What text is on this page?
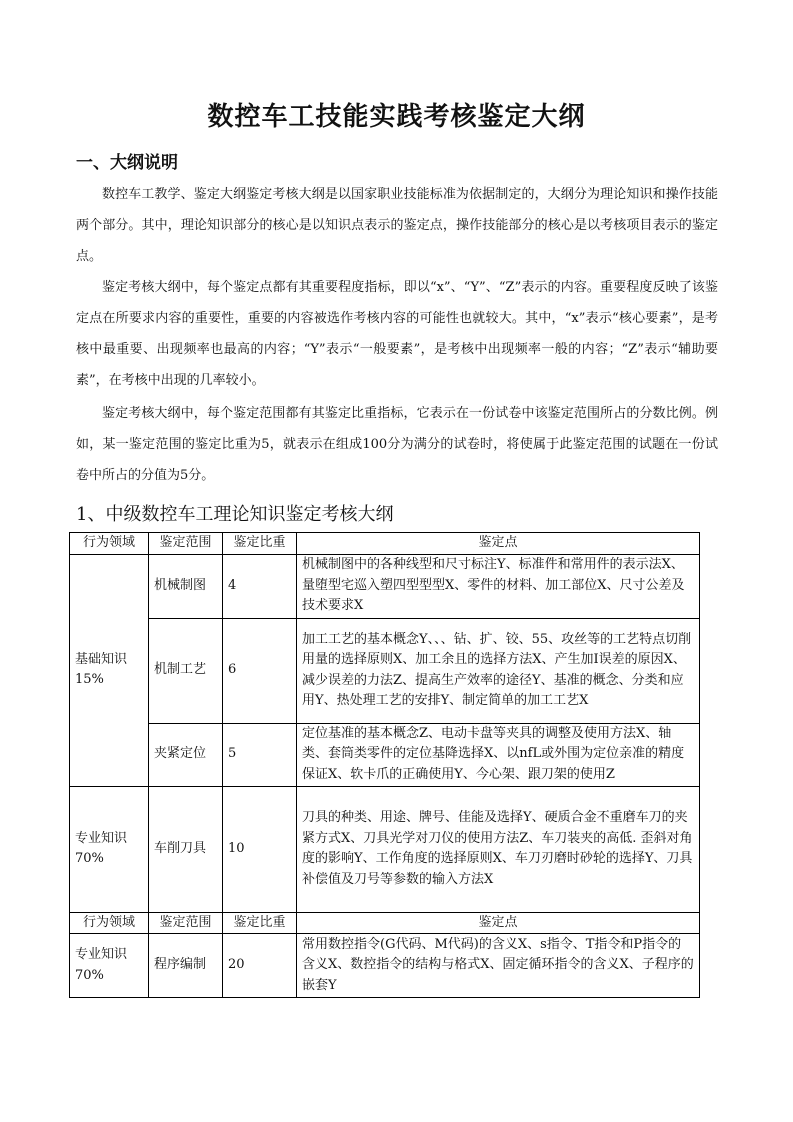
数控车工技能实践考核鉴定大纲
一、大纲说明
数控车工教学、鉴定大纲鉴定考核大纲是以国家职业技能标准为依据制定的，大纲分为理论知识和操作技能两个部分。其中，理论知识部分的核心是以知识点表示的鉴定点，操作技能部分的核心是以考核项目表示的鉴定点。
鉴定考核大纲中，每个鉴定点都有其重要程度指标，即以“x”、“Y”、“Z”表示的内容。重要程度反映了该鉴定点在所要求内容的重要性，重要的内容被选作考核内容的可能性也就较大。其中，“x”表示“核心要素”，是考核中最重要、出现频率也最高的内容；“Y”表示“一般要素”，是考核中出现频率一般的内容；“Z”表示“辅助要素”，在考核中出现的几率较小。
鉴定考核大纲中，每个鉴定范围都有其鉴定比重指标，它表示在一份试卷中该鉴定范围所占的分数比例。例如，某一鉴定范围的鉴定比重为5，就表示在组成100分为满分的试卷时，将使属于此鉴定范围的试题在一份试卷中所占的分值为5分。
1、中级数控车工理论知识鉴定考核大纲
行为领域	鉴定范围	鉴定比重	鉴定点
基础知识15%	机械制图	4	机械制图中的各种线型和尺寸标注Y、标准件和常用件的表示法X、量堕型宅巡入塑四型型型X、零件的材料、加工部位X、尺寸公差及技术要求X
	机制工艺	6	加工工艺的基本概念Y、、、钻、扩、铰、55、攻丝等的工艺特点切削用量的选择原则X、加工余且的选择方法X、产生加I误差的原因X、减少误差的力法Z、提高生产效率的途径Y、基准的概念、分类和应用Y、热处理工艺的安排Y、制定简单的加工工艺X
	夹紧定位	5	定位基准的基本概念Z、电动卡盘等夹具的调整及使用方法X、轴类、套筒类零件的定位基降选择X、以nfL或外围为定位亲准的精度保证X、软卡爪的正确使用Y、今心架、跟刀架的使用Z
专业知识70%	车削刀具	10	刀具的种类、用途、牌号、佳能及选择Y、硬质合金不重磨车刀的夹紧方式X、刀具光学对刀仪的使用方法Z、车刀装夹的高低. 歪斜对角度的影响Y、工作角度的选择原则X、车刀刃磨时砂轮的选择Y、刀具补偿值及刀号等参数的输入方法X
行为领域	鉴定范围	鉴定比重	鉴定点
专业知识70%	程序编制	20	常用数控指令(G代码、M代码)的含义X、s指令、T指令和P指令的含义X、数控指令的结构与格式X、固定循环指令的含义X、子程序的嵌套Y
